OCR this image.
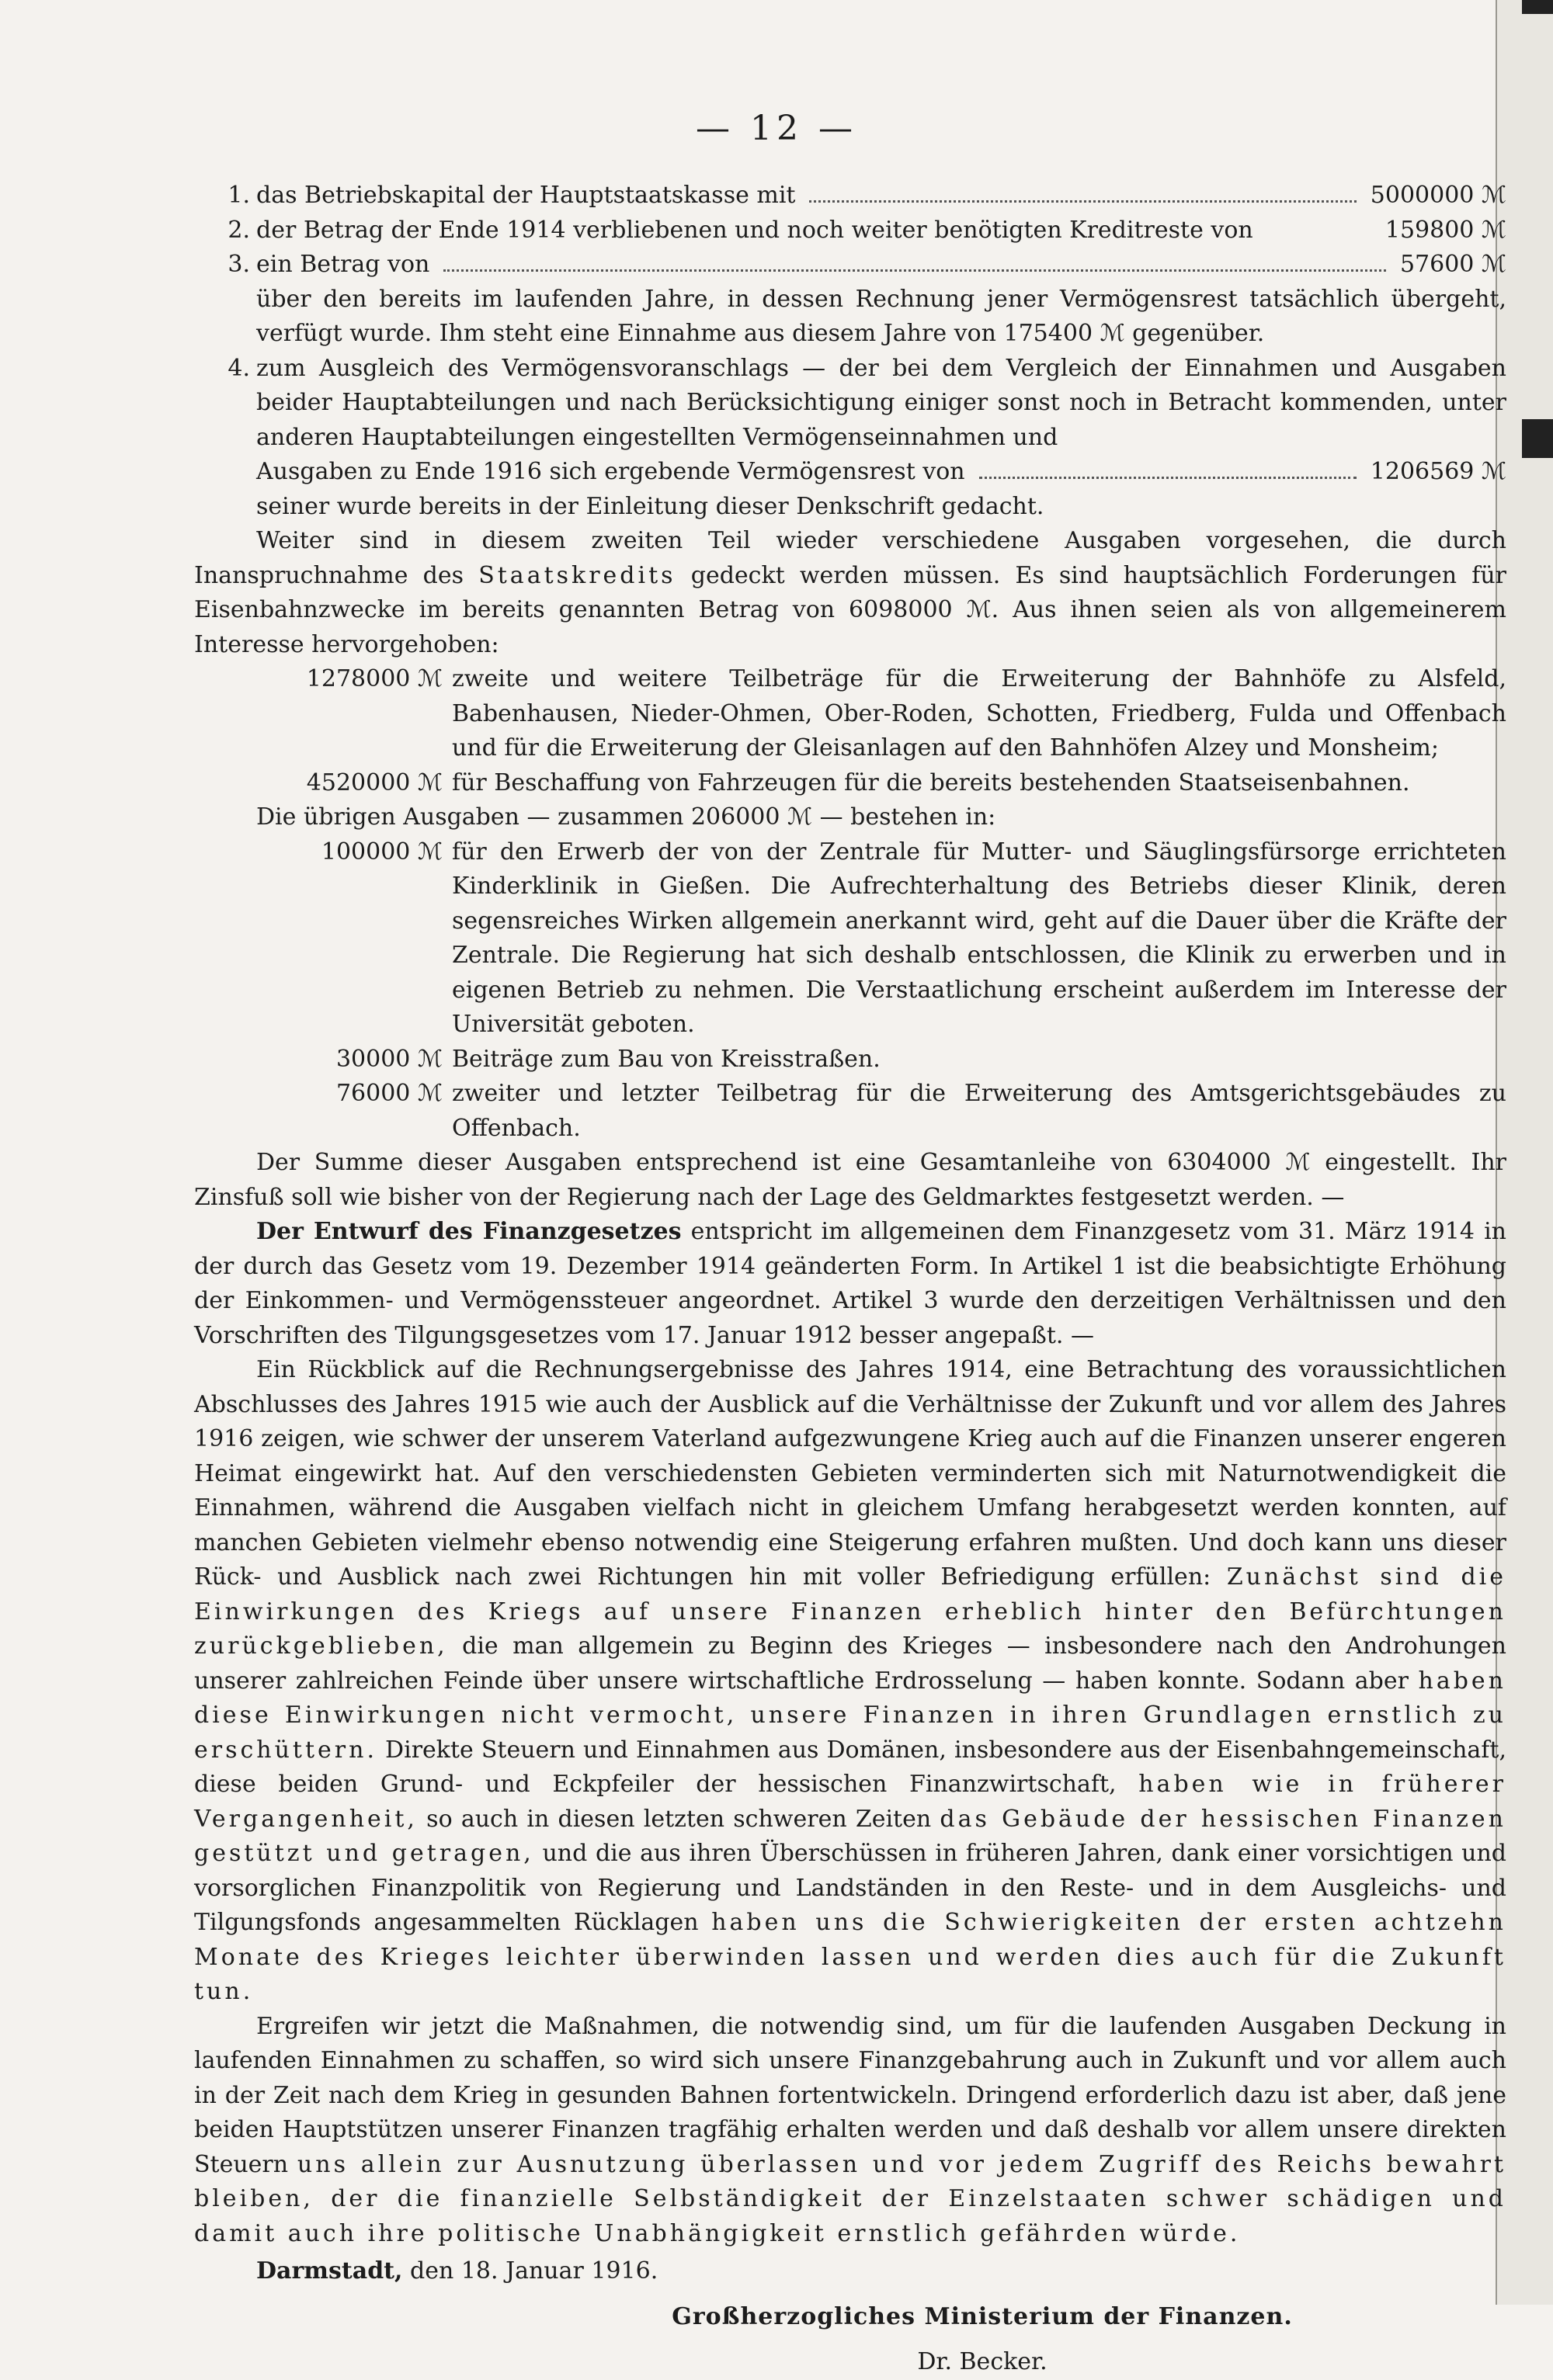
— 12 —
1. das Betriebskapital der Hauptstaatskasse mit	5000000 ℳ
2. der Betrag der Ende 1914 verbliebenen und noch weiter benötigten Kreditreste von	159800 ℳ
3. ein Betrag von	57600 ℳ
über den bereits im laufenden Jahre, in dessen Rechnung jener Vermögensrest tatsächlich übergeht, verfügt wurde. Ihm steht eine Einnahme aus diesem Jahre von 175400 ℳ gegenüber.
4. zum Ausgleich des Vermögensvoranschlags — der bei dem Vergleich der Einnahmen und Ausgaben beider Hauptabteilungen und nach Berücksichtigung einiger sonst noch in Betracht kommenden, unter anderen Hauptabteilungen eingestellten Vermögenseinnahmen und
Ausgaben zu Ende 1916 sich ergebende Vermögensrest von	1206569 ℳ
seiner wurde bereits in der Einleitung dieser Denkschrift gedacht.
Weiter sind in diesem zweiten Teil wieder verschiedene Ausgaben vorgesehen, die durch Inanspruchnahme des Staatskredits gedeckt werden müssen. Es sind hauptsächlich Forderungen für Eisenbahnzwecke im bereits genannten Betrag von 6098000 ℳ. Aus ihnen seien als von allgemeinerem Interesse hervorgehoben:
1278000 ℳ zweite und weitere Teilbeträge für die Erweiterung der Bahnhöfe zu Alsfeld, Babenhausen, Nieder-Ohmen, Ober-Roden, Schotten, Friedberg, Fulda und Offenbach und für die Erweiterung der Gleisanlagen auf den Bahnhöfen Alzey und Monsheim;
4520000 ℳ für Beschaffung von Fahrzeugen für die bereits bestehenden Staatseisenbahnen.
Die übrigen Ausgaben — zusammen 206000 ℳ — bestehen in:
100000 ℳ für den Erwerb der von der Zentrale für Mutter- und Säuglingsfürsorge errichteten Kinderklinik in Gießen. Die Aufrechterhaltung des Betriebs dieser Klinik, deren segensreiches Wirken allgemein anerkannt wird, geht auf die Dauer über die Kräfte der Zentrale. Die Regierung hat sich deshalb entschlossen, die Klinik zu erwerben und in eigenen Betrieb zu nehmen. Die Verstaatlichung erscheint außerdem im Interesse der Universität geboten.
30000 ℳ Beiträge zum Bau von Kreisstraßen.
76000 ℳ zweiter und letzter Teilbetrag für die Erweiterung des Amtsgerichtsgebäudes zu Offenbach.
Der Summe dieser Ausgaben entsprechend ist eine Gesamtanleihe von 6304000 ℳ eingestellt. Ihr Zinsfuß soll wie bisher von der Regierung nach der Lage des Geldmarktes festgesetzt werden. —
Der Entwurf des Finanzgesetzes entspricht im allgemeinen dem Finanzgesetz vom 31. März 1914 in der durch das Gesetz vom 19. Dezember 1914 geänderten Form. In Artikel 1 ist die beabsichtigte Erhöhung der Einkommen- und Vermögenssteuer angeordnet. Artikel 3 wurde den derzeitigen Verhältnissen und den Vorschriften des Tilgungsgesetzes vom 17. Januar 1912 besser angepaßt. —
Ein Rückblick auf die Rechnungsergebnisse des Jahres 1914, eine Betrachtung des voraussichtlichen Abschlusses des Jahres 1915 wie auch der Ausblick auf die Verhältnisse der Zukunft und vor allem des Jahres 1916 zeigen, wie schwer der unserem Vaterland aufgezwungene Krieg auch auf die Finanzen unserer engeren Heimat eingewirkt hat. Auf den verschiedensten Gebieten verminderten sich mit Naturnotwendigkeit die Einnahmen, während die Ausgaben vielfach nicht in gleichem Umfang herabgesetzt werden konnten, auf manchen Gebieten vielmehr ebenso notwendig eine Steigerung erfahren mußten. Und doch kann uns dieser Rück- und Ausblick nach zwei Richtungen hin mit voller Befriedigung erfüllen: Zunächst sind die Einwirkungen des Kriegs auf unsere Finanzen erheblich hinter den Befürchtungen zurückgeblieben, die man allgemein zu Beginn des Krieges — insbesondere nach den Androhungen unserer zahlreichen Feinde über unsere wirtschaftliche Erdrosselung — haben konnte. Sodann aber haben diese Einwirkungen nicht vermocht, unsere Finanzen in ihren Grundlagen ernstlich zu erschüttern. Direkte Steuern und Einnahmen aus Domänen, insbesondere aus der Eisenbahngemeinschaft, diese beiden Grund- und Eckpfeiler der hessischen Finanzwirtschaft, haben wie in früherer Vergangenheit, so auch in diesen letzten schweren Zeiten das Gebäude der hessischen Finanzen gestützt und getragen, und die aus ihren Überschüssen in früheren Jahren, dank einer vorsichtigen und vorsorglichen Finanzpolitik von Regierung und Landständen in den Reste- und in dem Ausgleichs- und Tilgungsfonds angesammelten Rücklagen haben uns die Schwierigkeiten der ersten achtzehn Monate des Krieges leichter überwinden lassen und werden dies auch für die Zukunft tun.
Ergreifen wir jetzt die Maßnahmen, die notwendig sind, um für die laufenden Ausgaben Deckung in laufenden Einnahmen zu schaffen, so wird sich unsere Finanzgebahrung auch in Zukunft und vor allem auch in der Zeit nach dem Krieg in gesunden Bahnen fortentwickeln. Dringend erforderlich dazu ist aber, daß jene beiden Hauptstützen unserer Finanzen tragfähig erhalten werden und daß deshalb vor allem unsere direkten Steuern uns allein zur Ausnutzung überlassen und vor jedem Zugriff des Reichs bewahrt bleiben, der die finanzielle Selbständigkeit der Einzelstaaten schwer schädigen und damit auch ihre politische Unabhängigkeit ernstlich gefährden würde.
Darmstadt, den 18. Januar 1916.
Großherzogliches Ministerium der Finanzen.
Dr. Becker.
